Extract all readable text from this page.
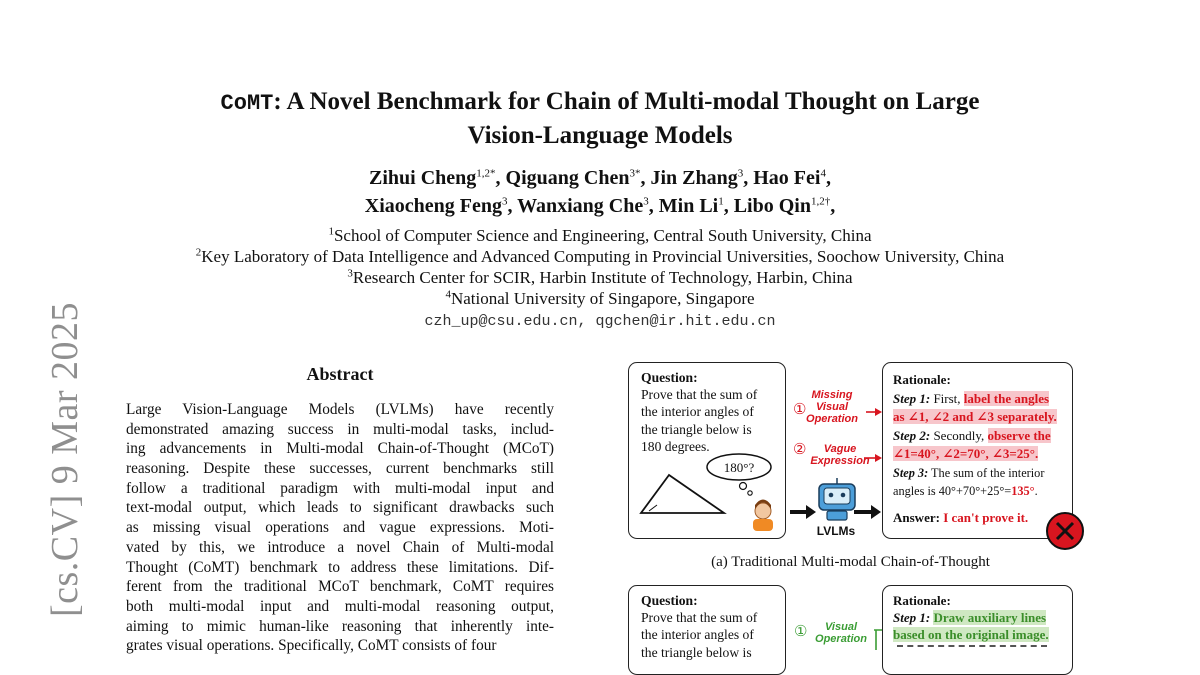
[cs.CV] 9 Mar 2025
CoMT: A Novel Benchmark for Chain of Multi-modal Thought on Large
Vision-Language Models
Zihui Cheng$^{1,2*}$, Qiguang Chen$^{3*}$, Jin Zhang$^3$, Hao Fei$^4$,
Xiaocheng Feng$^3$, Wanxiang Che$^3$, Min Li$^1$, Libo Qin$^{1,2\dagger}$,
$^1$School of Computer Science and Engineering, Central South University, China
$^2$Key Laboratory of Data Intelligence and Advanced Computing in Provincial Universities, Soochow University, China
$^3$Research Center for SCIR, Harbin Institute of Technology, Harbin, China
$^4$National University of Singapore, Singapore
czh_up@csu.edu.cn, qgchen@ir.hit.edu.cn
Abstract
Large Vision-Language Models (LVLMs) have recently
demonstrated amazing success in multi-modal tasks, includ-
ing advancements in Multi-modal Chain-of-Thought (MCoT)
reasoning. Despite these successes, current benchmarks still
follow a traditional paradigm with multi-modal input and
text-modal output, which leads to significant drawbacks such
as missing visual operations and vague expressions. Moti-
vated by this, we introduce a novel Chain of Multi-modal
Thought (CoMT) benchmark to address these limitations. Dif-
ferent from the traditional MCoT benchmark, CoMT requires
both multi-modal input and multi-modal reasoning output,
aiming to mimic human-like reasoning that inherently inte-
grates visual operations. Specifically, CoMT consists of four
Question:
Prove that the sum of
the interior angles of
the triangle below is
180 degrees.
180°?
Missing
Visual
Operation
①
Vague
Expression
②
LVLMs
Rationale:
Step 1: First, label the angles
as ∠1, ∠2 and ∠3 separately.
Step 2: Secondly, observe the
∠1=40°, ∠2=70°, ∠3=25°.
Step 3: The sum of the interior
angles is 40°+70°+25°=135°.
Answer: I can't prove it.
(a) Traditional Multi-modal Chain-of-Thought
Question:
Prove that the sum of
the interior angles of
the triangle below is
①	Visual
Operation
Rationale:
Step 1: Draw auxiliary lines
based on the original image.
